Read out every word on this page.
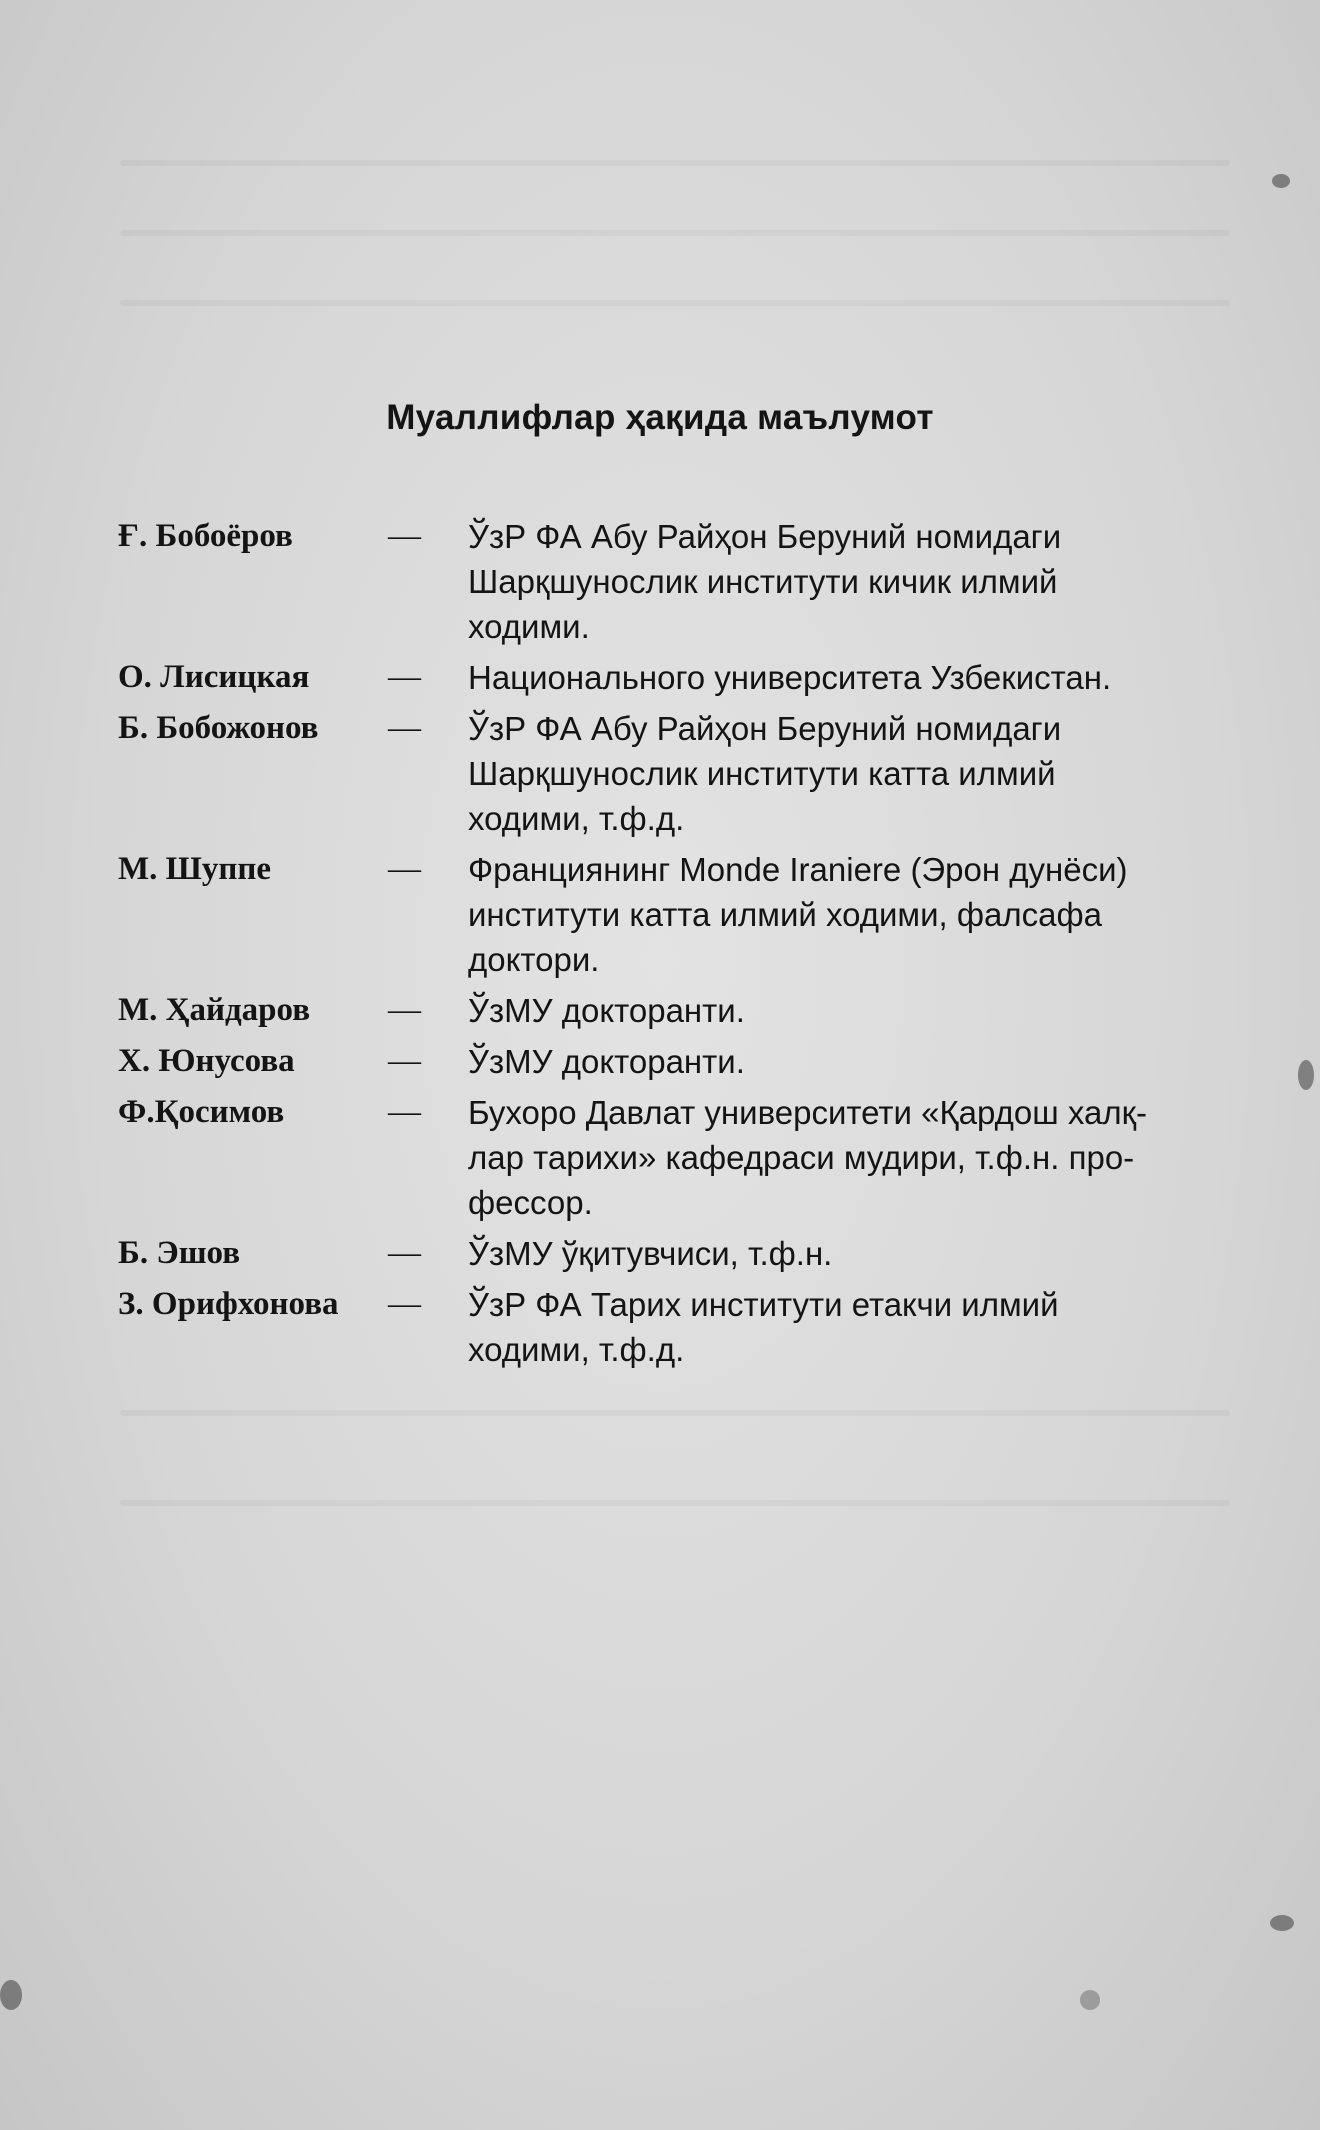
Муаллифлар ҳақида маълумот
Ғ. Бобоёров	—	ЎзР ФА Абу Райҳон Беруний номидаги
Шарқшунослик институти кичик илмий
ходими.
О. Лисицкая	—	Национального университета Узбекистан.
Б. Бобожонов	—	ЎзР ФА Абу Райҳон Беруний номидаги
Шарқшунослик институти катта илмий
ходими, т.ф.д.
М. Шуппе	—	Франциянинг Monde Iraniere (Эрон дунёси)
институти катта илмий ходими, фалсафа
доктори.
М. Ҳайдаров	—	ЎзМУ докторанти.
Х. Юнусова	—	ЎзМУ докторанти.
Ф.Қосимов	—	Бухоро Давлат университети «Қардош халқ-
лар тарихи» кафедраси мудири, т.ф.н. про-
фессор.
Б. Эшов	—	ЎзМУ ўқитувчиси, т.ф.н.
З. Орифхонова	—	ЎзР ФА Тарих институти етакчи илмий
ходими, т.ф.д.
